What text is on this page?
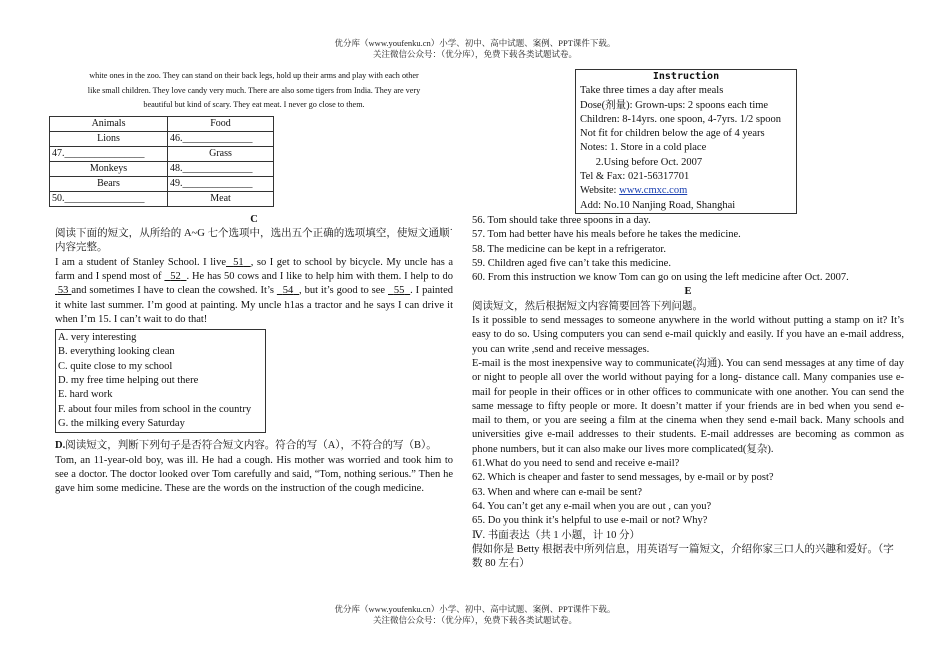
优分库（www.youfenku.cn）小学、初中、高中试题、案例、PPT课件下载。
关注微信公众号：（优分库），免费下载各类试题试卷。

white ones in the zoo. They can stand on their back legs, hold up their arms and play with each other

like small children. They love candy very much. There are also some tigers from India. They are very

beautiful but kind of scary. They eat meat. I never go close to them.

Animals	Food
Lions	46.______________
47.________________	Grass
Monkeys	48.______________
Bears	49.______________
50.________________	Meat

C

阅读下面的短文，从所给的 A~G 七个选项中，选出五个正确的选项填空，使短文通顺˙内容完整。

I am a student of Stanley School. I live 51 , so I get to school by bicycle. My uncle has a farm and I spend most of   52 . He has 50 cows and I like to help him with them. I help to do  53 and sometimes I have to clean the cowshed. It’s   54 , but it’s good to see   55 . I painted it white last summer. I’m good at painting. My uncle h1as a tractor and he says I can drive it when I’m 15. I can’t wait to do that!

A. very interesting

B. everything looking clean

C. quite close to my school

D. my free time helping out there

E. hard work

F. about four miles from school in the country

G. the milking every Saturday

D.阅读短文，判断下列句子是否符合短文内容。符合的写（A），不符合的写（B）。

Tom, an 11-year-old boy, was ill. He had a cough. His mother was worried and took him to see a doctor. The doctor looked over Tom carefully and said, “Tom, nothing serious.” Then he gave him some medicine. These are the words on the instruction of the cough medicine.

Instruction

Take three times a day after meals

Dose(剂量): Grown-ups: 2 spoons each time

Children: 8-14yrs. one spoon, 4-7yrs. 1/2 spoon

Not fit for children below the age of 4 years

Notes: 1. Store in a cold place

2.Using before Oct. 2007

Tel & Fax: 021-56317701

Website: www.cmxc.com

Add: No.10 Nanjing Road, Shanghai

56. Tom should take three spoons in a day.

57. Tom had better have his meals before he takes the medicine.

58. The medicine can be kept in a refrigerator.

59. Children aged five can’t take this medicine.

60. From this instruction we know Tom can go on using the left medicine after Oct. 2007.

E

阅读短文，然后根据短文内容简要回答下列问题。

Is it possible to send messages to someone anywhere in the world without putting a stamp on it? It’s easy to do so. Using computers you can send e-mail quickly and easily. If you have an e-mail address, you can write ,send and receive messages.

E-mail is the most inexpensive way to communicate(沟通). You can send messages at any time of day or night to people all over the world without paying for a long- distance call. Many companies use e-mail for people in their offices or in other offices to communicate with one another. You can send the same message to fifty people or more. It doesn’t matter if your friends are in bed when you send e-mail to them, or you are seeing a film at the cinema when they send e-mail back. Many schools and universities give e-mail addresses to their students. E-mail addresses are becoming as common as phone numbers, but it can also make our lives more complicated(复杂).

61.What do you need to send and receive e-mail?

62. Which is cheaper and faster to send messages, by e-mail or by post?

63. When and where can e-mail be sent?

64. You can’t get any e-mail when you are out , can you?

65. Do you think it’s helpful to use e-mail or not? Why?

Ⅳ. 书面表达（共 1 小题，计 10 分）

假如你是 Betty 根据表中所列信息，用英语写一篇短文，介绍你家三口人的兴趣和爱好。（字数 80 左右）

优分库（www.youfenku.cn）小学、初中、高中试题、案例、PPT课件下载。
关注微信公众号：（优分库），免费下载各类试题试卷。
